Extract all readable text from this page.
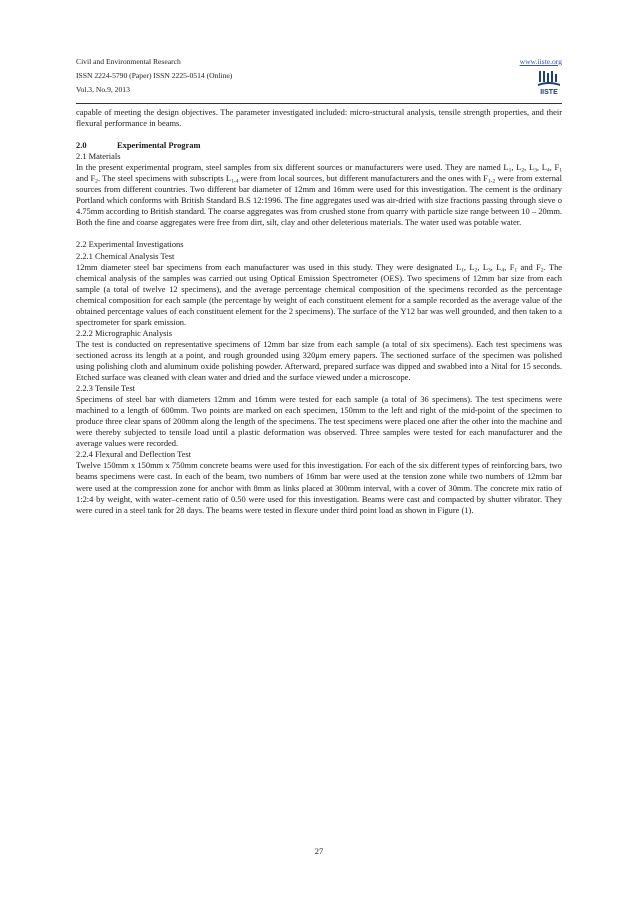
Civil and Environmental Research
ISSN 2224-5790 (Paper) ISSN 2225-0514 (Online)
Vol.3, No.9, 2013
www.iiste.org
IISTE

capable of meeting the design objectives. The parameter investigated included: micro-structural analysis, tensile strength properties, and their flexural performance in beams.

2.0	Experimental Program

2.1 Materials

In the present experimental program, steel samples from six different sources or manufacturers were used. They are named $L_1$, $L_2$, $L_3$, $L_4$, $F_1$ and $F_2$. The steel specimens with subscripts $L_{1-4}$ were from local sources, but different manufacturers and the ones with $F_{1-2}$ were from external sources from different countries. Two different bar diameter of 12mm and 16mm were used for this investigation. The cement is the ordinary Portland which conforms with British Standard B.S 12:1996. The fine aggregates used was air-dried with size fractions passing through sieve o 4.75mm according to British standard. The coarse aggregates was from crushed stone from quarry with particle size range between 10 – 20mm. Both the fine and coarse aggregates were free from dirt, silt, clay and other deleterious materials. The water used was potable water.

2.2 Experimental Investigations

2.2.1 Chemical Analysis Test

12mm diameter steel bar specimens from each manufacturer was used in this study. They were designated $L_1$, $L_2$, $L_3$, $L_4$, $F_1$ and $F_2$. The chemical analysis of the samples was carried out using Optical Emission Spectrometer (OES). Two specimens of 12mm bar size from each sample (a total of twelve 12 specimens), and the average percentage chemical composition of the specimens recorded as the percentage chemical composition for each sample (the percentage by weight of each constituent element for a sample recorded as the average value of the obtained percentage values of each constituent element for the 2 specimens). The surface of the Y12 bar was well grounded, and then taken to a spectrometer for spark emission.

2.2.2 Micrographic Analysis

The test is conducted on representative specimens of 12mm bar size from each sample (a total of six specimens). Each test specimens was sectioned across its length at a point, and rough grounded using 320μm emery papers. The sectioned surface of the specimen was polished using polishing cloth and aluminum oxide polishing powder. Afterward, prepared surface was dipped and swabbed into a Nital for 15 seconds. Etched surface was cleaned with clean water and dried and the surface viewed under a microscope.

2.2.3 Tensile Test

Specimens of steel bar with diameters 12mm and 16mm were tested for each sample (a total of 36 specimens). The test specimens were machined to a length of 600mm. Two points are marked on each specimen, 150mm to the left and right of the mid-point of the specimen to produce three clear spans of 200mm along the length of the specimens. The test specimens were placed one after the other into the machine and were thereby subjected to tensile load until a plastic deformation was observed. Three samples were tested for each manufacturer and the average values were recorded.

2.2.4 Flexural and Deflection Test

Twelve 150mm x 150mm x 750mm concrete beams were used for this investigation. For each of the six different types of reinforcing bars, two beams specimens were cast. In each of the beam, two numbers of 16mm bar were used at the tension zone while two numbers of 12mm bar were used at the compression zone for anchor with 8mm as links placed at 300mm interval, with a cover of 30mm. The concrete mix ratio of 1:2:4 by weight, with water–cement ratio of 0.50 were used for this investigation. Beams were cast and compacted by shutter vibrator. They were cured in a steel tank for 28 days. The beams were tested in flexure under third point load as shown in Figure (1).

27
